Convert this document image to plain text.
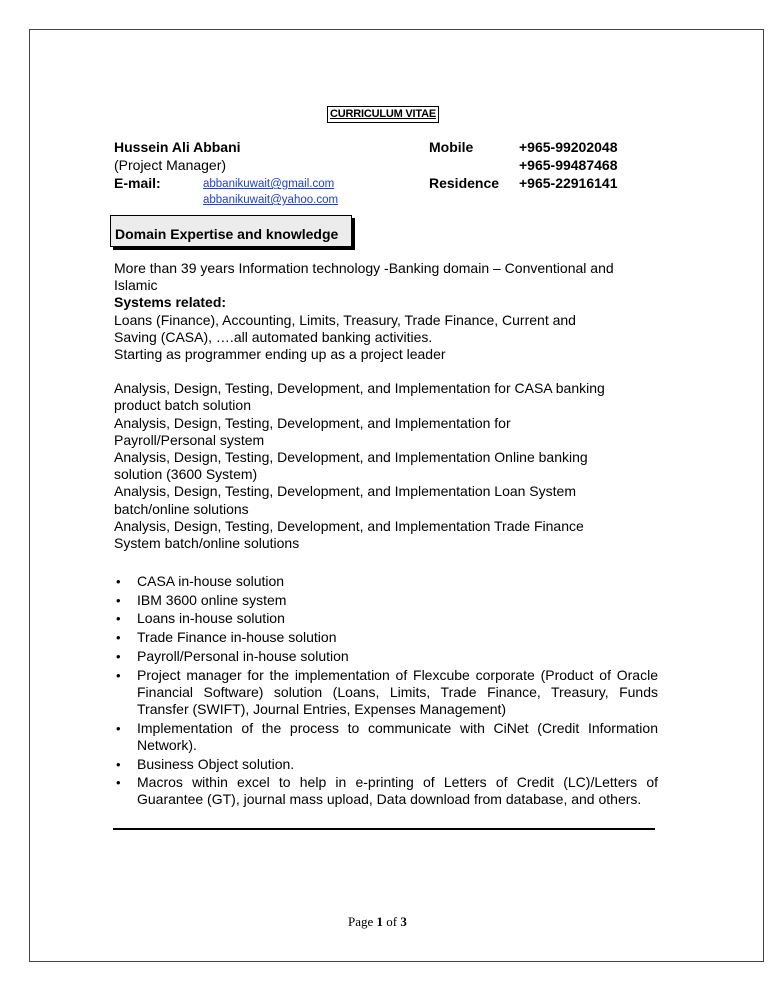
CURRICULUM VITAE
Hussein Ali Abbani
(Project Manager)
E-mail:	abbanikuwait@gmail.com
abbanikuwait@yahoo.com
Mobile	+965-99202048
+965-99487468
Residence +965-22916141
Domain Expertise and knowledge

More than 39 years Information technology -Banking domain – Conventional and

Islamic

Systems related:

Loans (Finance), Accounting, Limits, Treasury, Trade Finance, Current and

Saving (CASA), ….all automated banking activities.

Starting as programmer ending up as a project leader

Analysis, Design, Testing, Development, and Implementation for CASA banking

product batch solution

Analysis, Design, Testing, Development, and Implementation for

Payroll/Personal system

Analysis, Design, Testing, Development, and Implementation Online banking

solution (3600 System)

Analysis, Design, Testing, Development, and Implementation Loan System

batch/online solutions

Analysis, Design, Testing, Development, and Implementation Trade Finance

System batch/online solutions

• CASA in-house solution
• IBM 3600 online system
• Loans in-house solution
• Trade Finance in-house solution
• Payroll/Personal in-house solution
• Project manager for the implementation of Flexcube corporate (Product of Oracle Financial Software) solution (Loans, Limits, Trade Finance, Treasury, Funds Transfer (SWIFT), Journal Entries, Expenses Management)
• Implementation of the process to communicate with CiNet (Credit Information Network).
• Business Object solution.
• Macros within excel to help in e-printing of Letters of Credit (LC)/Letters of Guarantee (GT), journal mass upload, Data download from database, and others.
Page 1 of 3
